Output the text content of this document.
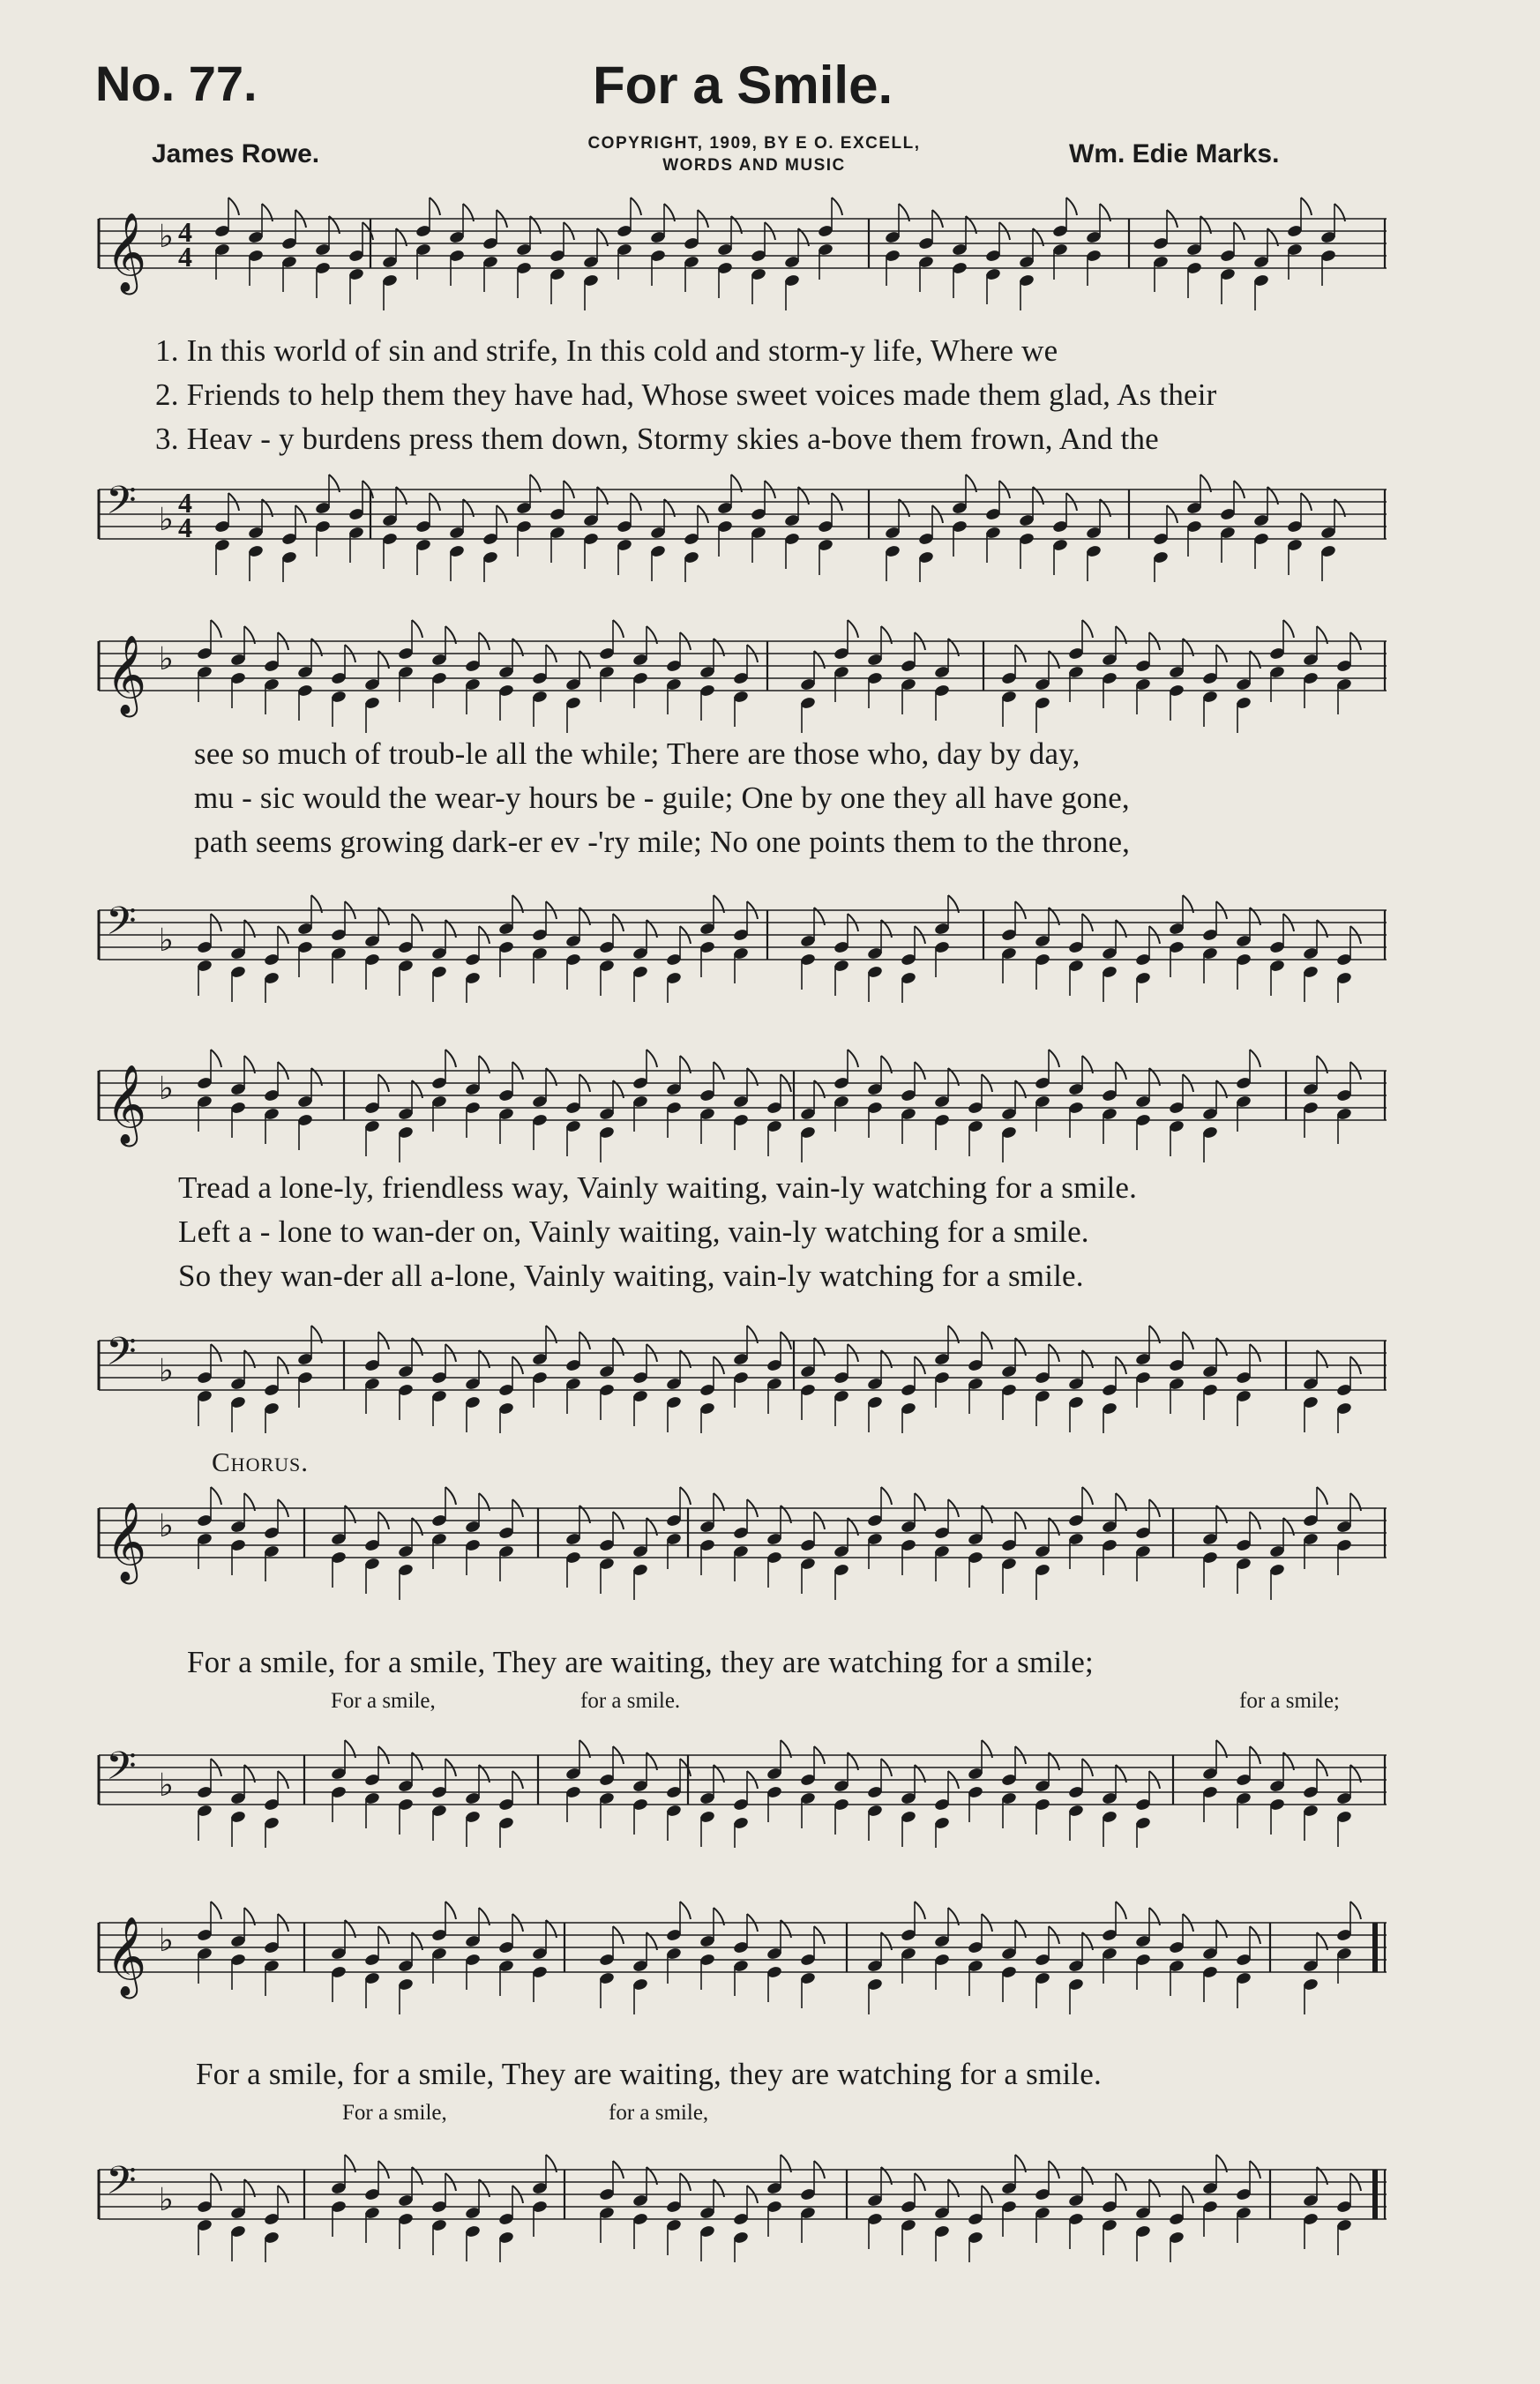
No. 77.	For a Smile.
James Rowe.	COPYRIGHT, 1909, BY E O. EXCELL,
WORDS AND MUSIC	Wm. Edie Marks.
𝄞 ♭ 4
4
𝄢 ♭ 4
4
𝄞 ♭
𝄢 ♭
𝄞 ♭
𝄢 ♭
𝄞 ♭
𝄢 ♭
𝄞 ♭
𝄢 ♭
1. In this world of sin and strife, In this cold and storm-y life, Where we
2. Friends to help them they have had, Whose sweet voices made them glad, As their
3. Heav - y burdens press them down, Stormy skies a-bove them frown, And the
see so much of troub-le all the while; There are those who, day by day,
mu - sic would the wear-y hours be - guile; One by one they all have gone,
path seems growing dark-er ev -'ry mile; No one points them to the throne,
Tread a lone-ly, friendless way, Vainly waiting, vain-ly watching for a smile.
Left a - lone to wan-der on, Vainly waiting, vain-ly watching for a smile.
So they wan-der all a-lone, Vainly waiting, vain-ly watching for a smile.
Chorus.
For a smile, for a smile, They are waiting, they are watching for a smile;
For a smile,	for a smile.	for a smile;
For a smile, for a smile, They are waiting, they are watching for a smile.
For a smile,	for a smile,
